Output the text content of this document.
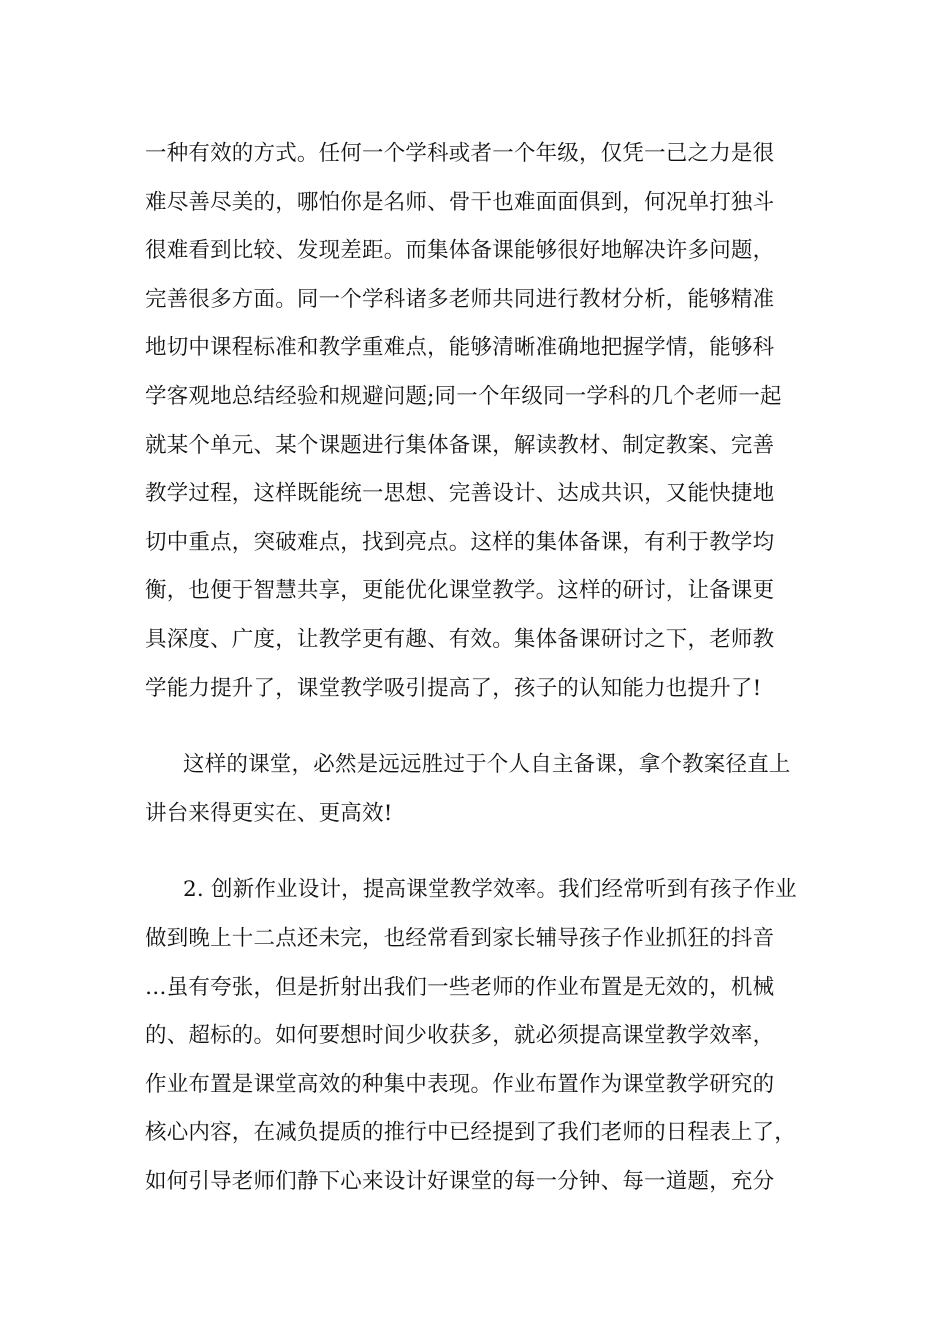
一种有效的方式。任何一个学科或者一个年级，仅凭一己之力是很
难尽善尽美的，哪怕你是名师、骨干也难面面俱到，何况单打独斗
很难看到比较、发现差距。而集体备课能够很好地解决许多问题，
完善很多方面。同一个学科诸多老师共同进行教材分析，能够精准
地切中课程标准和教学重难点，能够清晰准确地把握学情，能够科
学客观地总结经验和规避问题;同一个年级同一学科的几个老师一起
就某个单元、某个课题进行集体备课，解读教材、制定教案、完善
教学过程，这样既能统一思想、完善设计、达成共识，又能快捷地
切中重点，突破难点，找到亮点。这样的集体备课，有利于教学均
衡，也便于智慧共享，更能优化课堂教学。这样的研讨，让备课更
具深度、广度，让教学更有趣、有效。集体备课研讨之下，老师教
学能力提升了，课堂教学吸引提高了，孩子的认知能力也提升了!
这样的课堂，必然是远远胜过于个人自主备课，拿个教案径直上
讲台来得更实在、更高效!
2. 创新作业设计，提高课堂教学效率。我们经常听到有孩子作业
做到晚上十二点还未完，也经常看到家长辅导孩子作业抓狂的抖音
…虽有夸张，但是折射出我们一些老师的作业布置是无效的，机械
的、超标的。如何要想时间少收获多，就必须提高课堂教学效率，
作业布置是课堂高效的种集中表现。作业布置作为课堂教学研究的
核心内容，在减负提质的推行中已经提到了我们老师的日程表上了，
如何引导老师们静下心来设计好课堂的每一分钟、每一道题，充分
